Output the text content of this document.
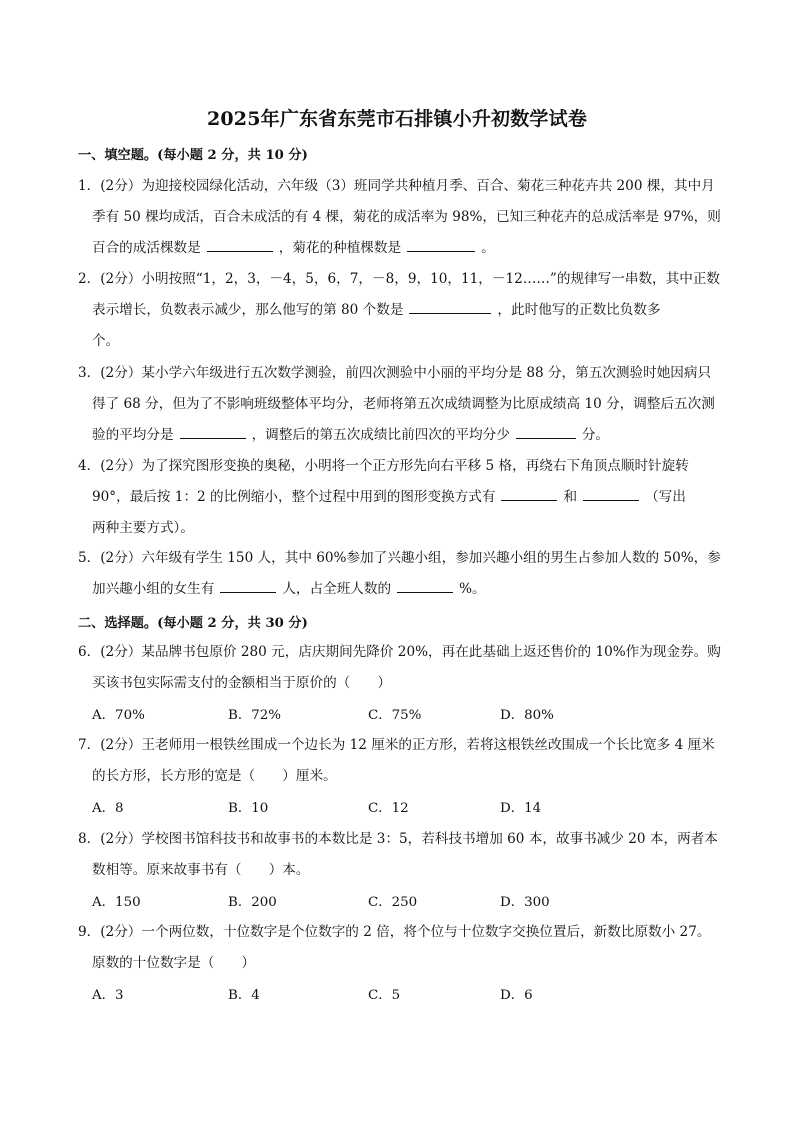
2025年广东省东莞市石排镇小升初数学试卷
一、填空题。(每小题 2 分，共 10 分)
1．(2分）为迎接校园绿化活动，六年级（3）班同学共种植月季、百合、菊花三种花卉共 200 棵，其中月
季有 50 棵均成活，百合未成活的有 4 棵，菊花的成活率为 98%，已知三种花卉的总成活率是 97%，则
百合的成活棵数是	，菊花的种植棵数是	。
2．(2分）小明按照“1，2，3，－4，5，6，7，－8，9，10，11，－12……”的规律写一串数，其中正数
表示增长，负数表示减少，那么他写的第 80 个数是	，此时他写的正数比负数多
个。
3．(2分）某小学六年级进行五次数学测验，前四次测验中小丽的平均分是 88 分，第五次测验时她因病只
得了 68 分，但为了不影响班级整体平均分，老师将第五次成绩调整为比原成绩高 10 分，调整后五次测
验的平均分是	，调整后的第五次成绩比前四次的平均分少	分。
4．(2分）为了探究图形变换的奥秘，小明将一个正方形先向右平移 5 格，再绕右下角顶点顺时针旋转
90°，最后按 1：2 的比例缩小，整个过程中用到的图形变换方式有	和	（写出
两种主要方式）。
5．(2分）六年级有学生 150 人，其中 60%参加了兴趣小组，参加兴趣小组的男生占参加人数的 50%，参
加兴趣小组的女生有	人，占全班人数的	%。
二、选择题。(每小题 2 分，共 30 分)
6．(2分）某品牌书包原价 280 元，店庆期间先降价 20%，再在此基础上返还售价的 10%作为现金券。购
买该书包实际需支付的金额相当于原价的（　　）
A．70%	B．72%	C．75%	D．80%
7．(2分）王老师用一根铁丝围成一个边长为 12 厘米的正方形，若将这根铁丝改围成一个长比宽多 4 厘米
的长方形，长方形的宽是（　　）厘米。
A．8	B．10	C．12	D．14
8．(2分）学校图书馆科技书和故事书的本数比是 3：5，若科技书增加 60 本，故事书减少 20 本，两者本
数相等。原来故事书有（　　）本。
A．150	B．200	C．250	D．300
9．(2分）一个两位数，十位数字是个位数字的 2 倍，将个位与十位数字交换位置后，新数比原数小 27。
原数的十位数字是（　　）
A．3	B．4	C．5	D．6
